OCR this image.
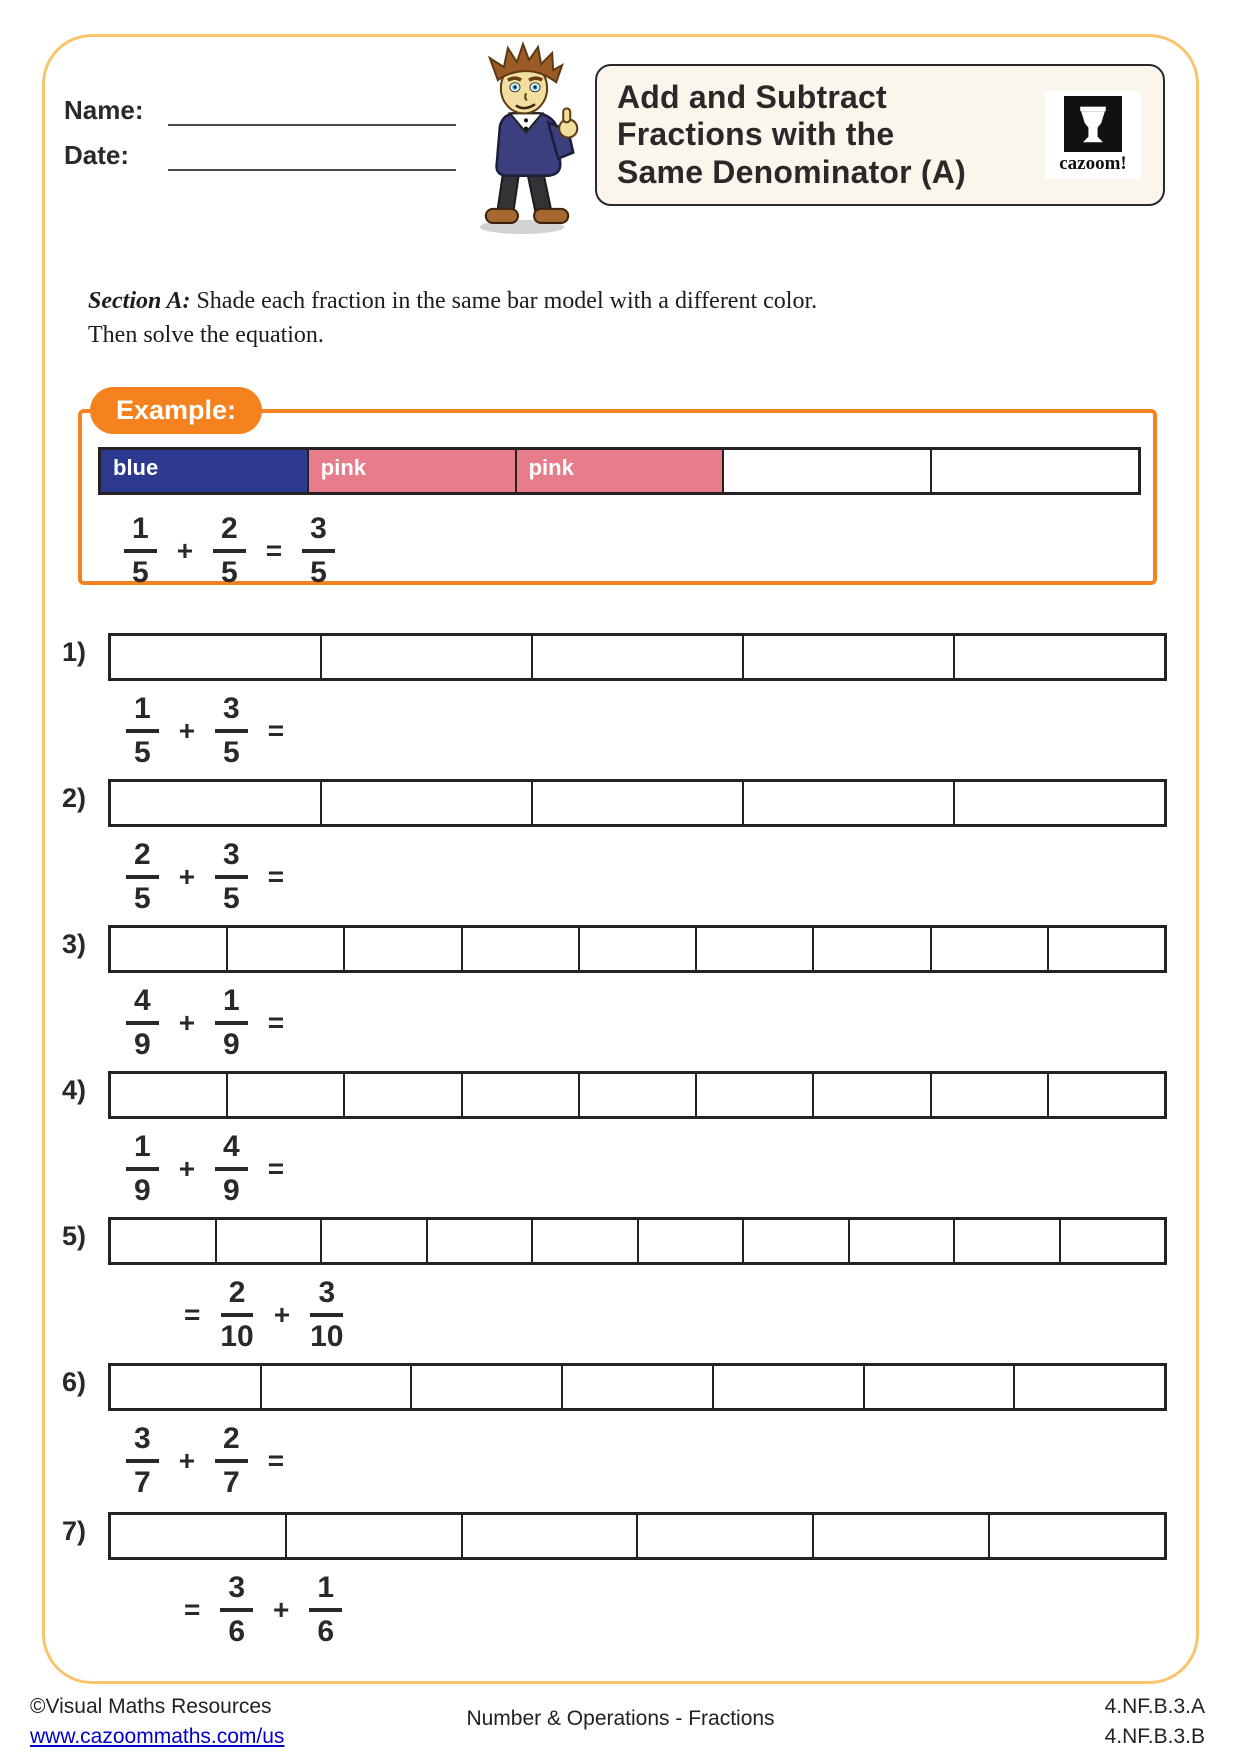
Name:
Date:
Add and Subtract
Fractions with the
Same Denominator (A)	cazoom!
Section A: Shade each fraction in the same bar model with a different color.
Then solve the equation.
Example:
blue	pink	pink
$\frac{1}{5} + \frac{2}{5} = \frac{3}{5}$
1)
$\frac{1}{5} + \frac{3}{5}$ =
2)
$\frac{2}{5} + \frac{3}{5}$ =
3)
$\frac{4}{9} + \frac{1}{9}$ =
4)
$\frac{1}{9} + \frac{4}{9}$ =
5)
= $\frac{2}{10} + \frac{3}{10}$
6)
$\frac{3}{7} + \frac{2}{7}$ =
7)
= $\frac{3}{6} + \frac{1}{6}$
©Visual Maths Resources
www.cazoommaths.com/us
Number & Operations - Fractions
4.NF.B.3.A
4.NF.B.3.B
